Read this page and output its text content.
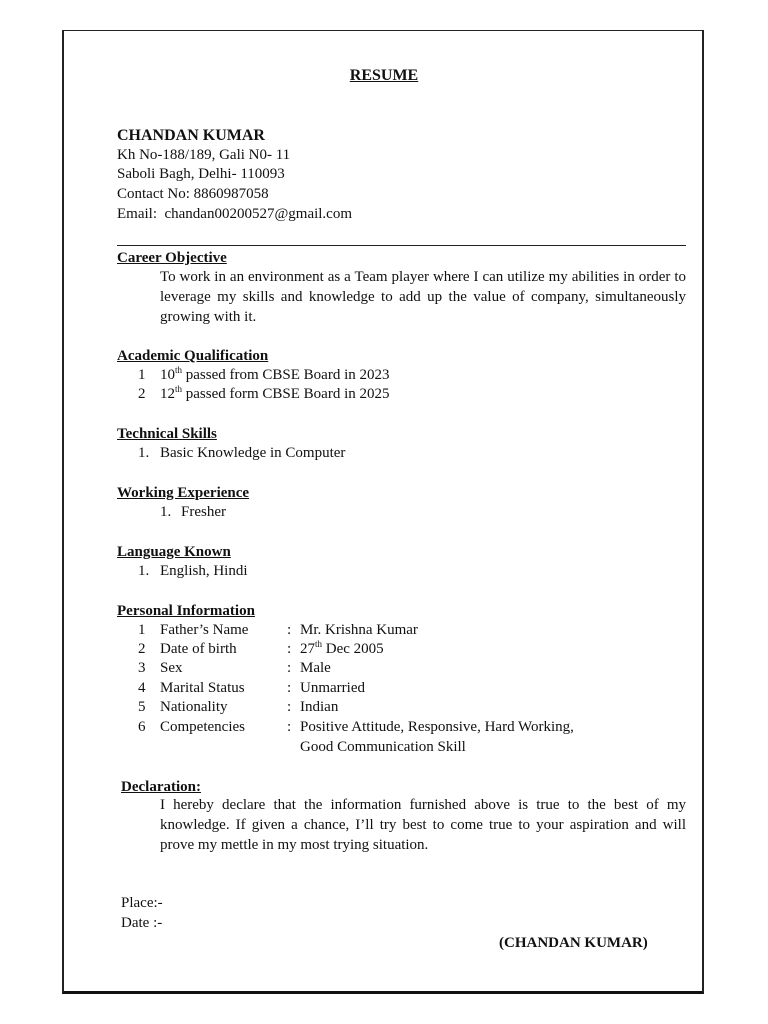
RESUME
CHANDAN KUMAR
Kh No-188/189, Gali N0- 11
Saboli Bagh, Delhi- 110093
Contact No: 8860987058
Email:  chandan00200527@gmail.com
Career Objective
To work in an environment as a Team player where I can utilize my abilities in order to leverage my skills and knowledge to add up the value of company, simultaneously growing with it.
Academic Qualification
1 10th passed from CBSE Board in 2023
2 12th passed form CBSE Board in 2025
Technical Skills
1. Basic Knowledge in Computer
Working Experience
1. Fresher
Language Known
1. English, Hindi
Personal Information
1 Father’s Name	: Mr. Krishna Kumar
2 Date of birth	: 27th Dec 2005
3 Sex	: Male
4 Marital Status	: Unmarried
5 Nationality	: Indian
6 Competencies	: Positive Attitude, Responsive, Hard Working,
Good Communication Skill
Declaration:
I hereby declare that the information furnished above is true to the best of my knowledge. If given a chance, I’ll try best to come true to your aspiration and will prove my mettle in my most trying situation.
Place:-
Date :-
(CHANDAN KUMAR)
